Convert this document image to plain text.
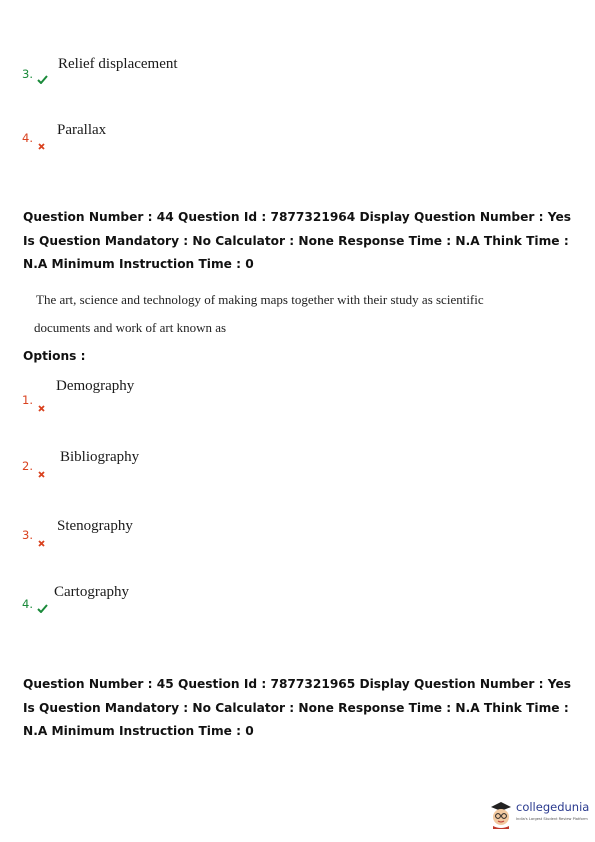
3.
Relief displacement
4. Parallax
Question Number : 44 Question Id : 7877321964 Display Question Number : Yes Is Question Mandatory : No Calculator : None Response Time : N.A Think Time : N.A Minimum Instruction Time : 0
The art, science and technology of making maps together with their study as scientific
documents and work of art known as
Options :
1.
Demography
2.
Bibliography
3.
Stenography
4.
Cartography
Question Number : 45 Question Id : 7877321965 Display Question Number : Yes Is Question Mandatory : No Calculator : None Response Time : N.A Think Time : N.A Minimum Instruction Time : 0
collegedunia
India's Largest Student Review Platform
